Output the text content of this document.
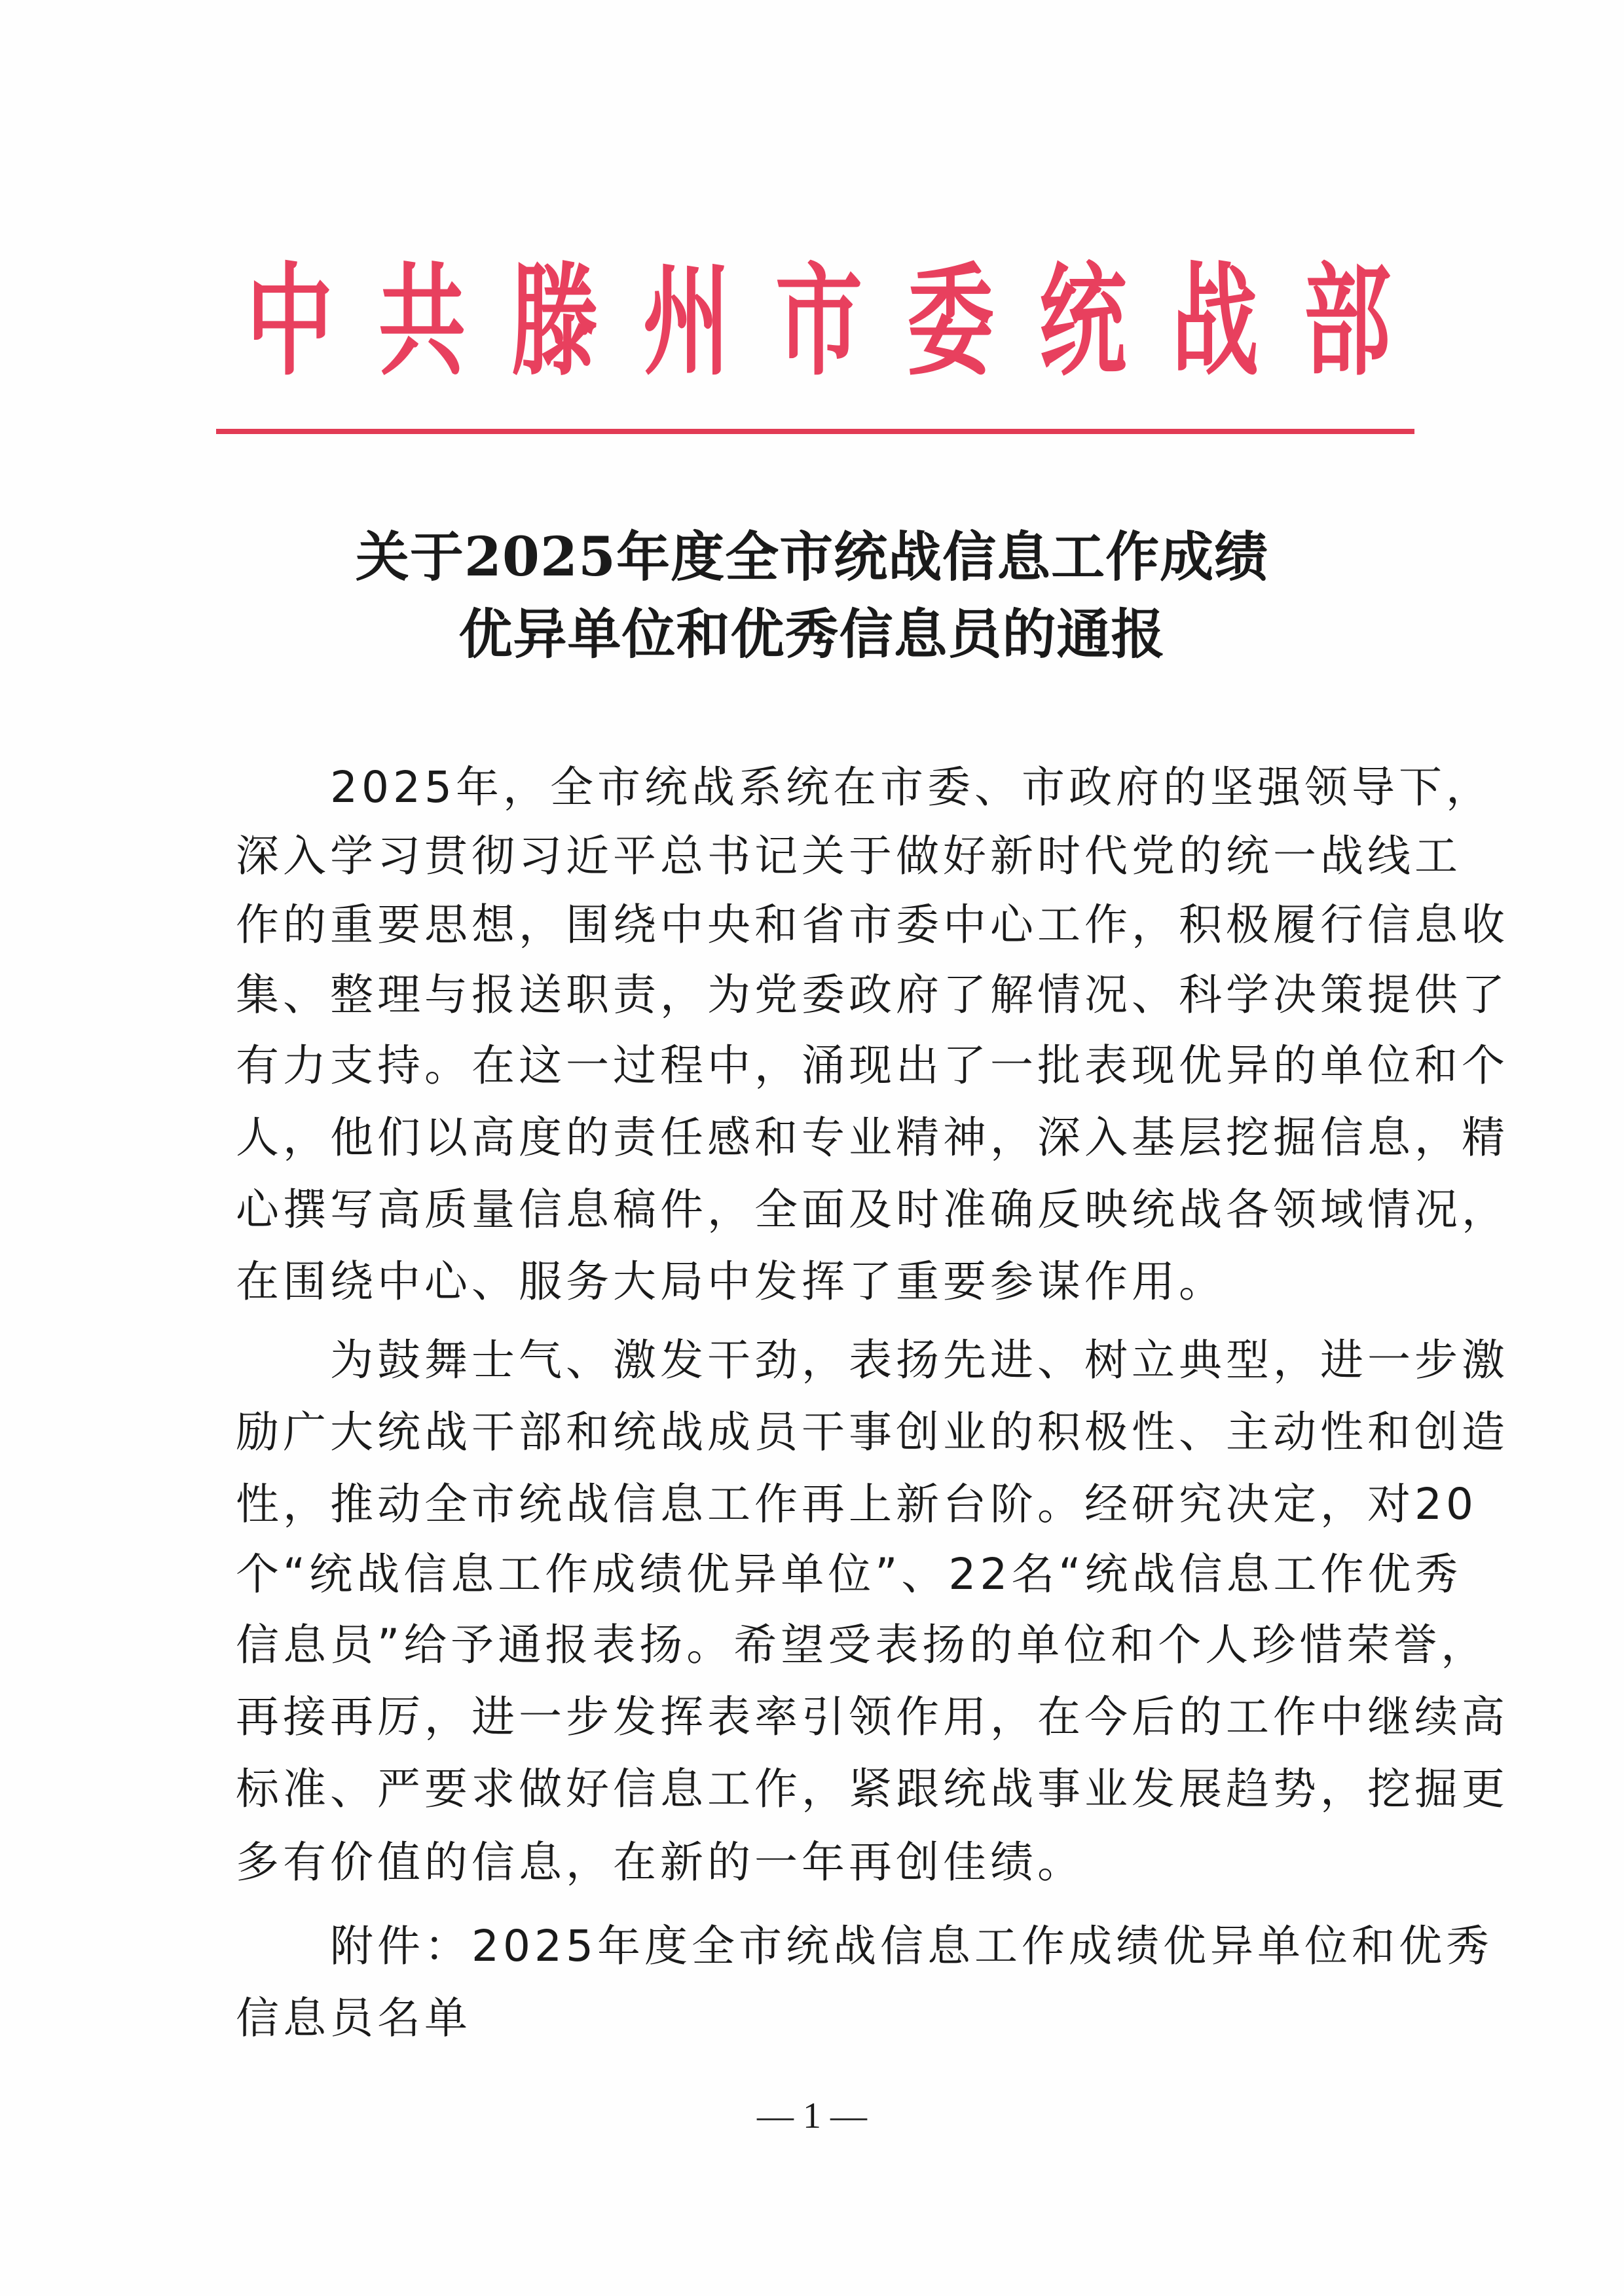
中 共 滕 州 市 委 统 战 部
关于2025年度全市统战信息工作成绩
优异单位和优秀信息员的通报
　　2025年，全市统战系统在市委、市政府的坚强领导下，
深入学习贯彻习近平总书记关于做好新时代党的统一战线工
作的重要思想，围绕中央和省市委中心工作，积极履行信息收
集、整理与报送职责，为党委政府了解情况、科学决策提供了
有力支持。在这一过程中，涌现出了一批表现优异的单位和个
人，他们以高度的责任感和专业精神，深入基层挖掘信息，精
心撰写高质量信息稿件，全面及时准确反映统战各领域情况，
在围绕中心、服务大局中发挥了重要参谋作用。
　　为鼓舞士气、激发干劲，表扬先进、树立典型，进一步激
励广大统战干部和统战成员干事创业的积极性、主动性和创造
性，推动全市统战信息工作再上新台阶。经研究决定，对20
个“统战信息工作成绩优异单位”、22名“统战信息工作优秀
信息员”给予通报表扬。希望受表扬的单位和个人珍惜荣誉，
再接再厉，进一步发挥表率引领作用，在今后的工作中继续高
标准、严要求做好信息工作，紧跟统战事业发展趋势，挖掘更
多有价值的信息，在新的一年再创佳绩。
　　附件：2025年度全市统战信息工作成绩优异单位和优秀
信息员名单
— 1 —
